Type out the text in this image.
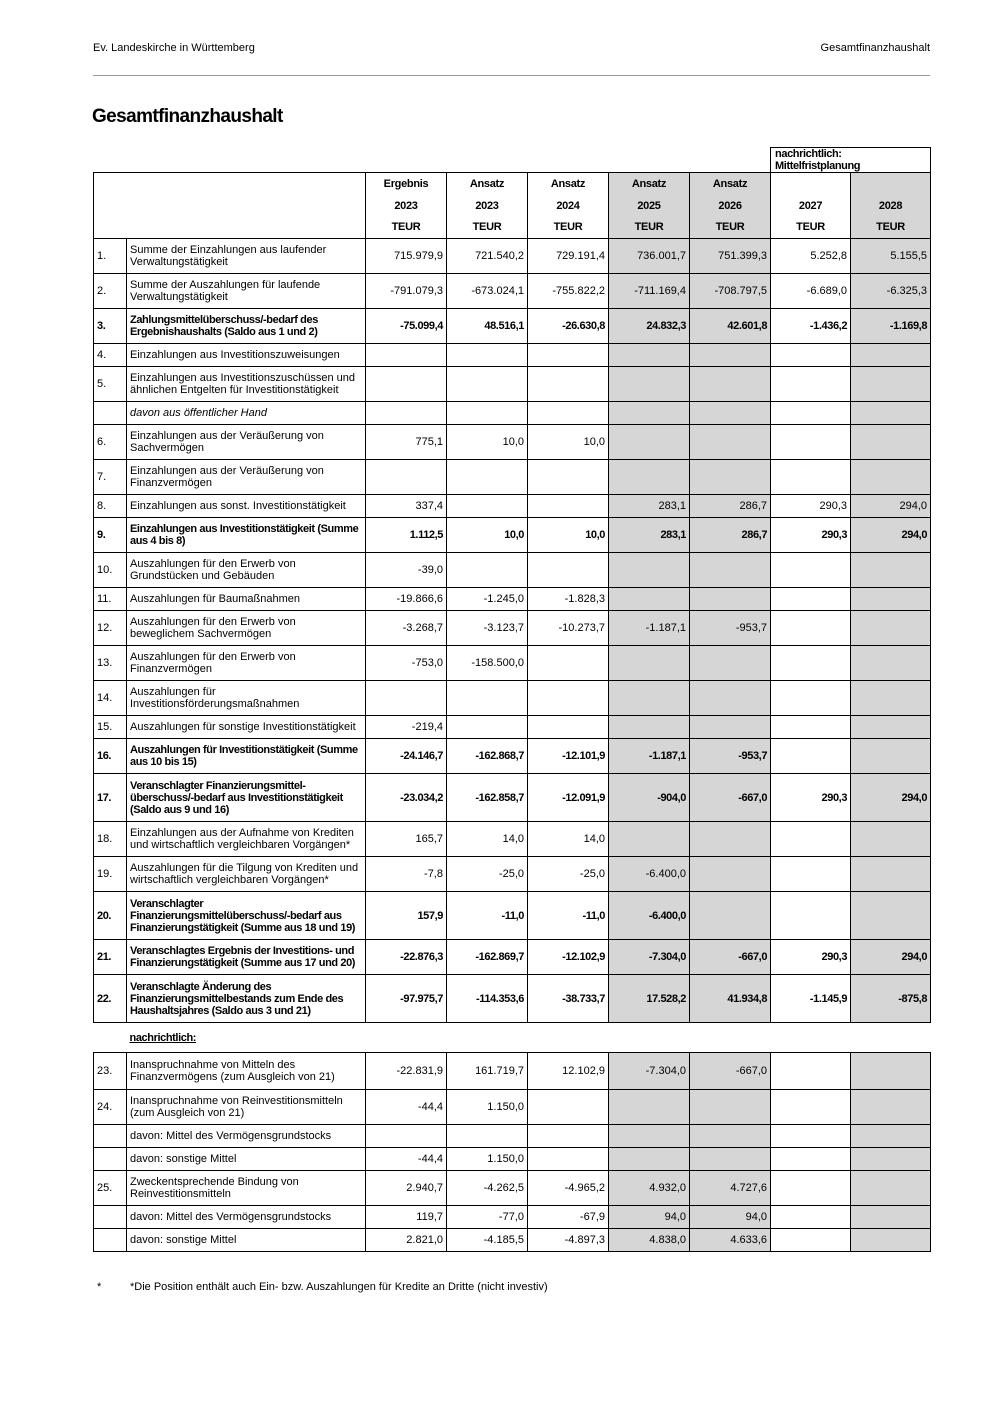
Ev. Landeskirche in Württemberg	Gesamtfinanzhaushalt
Gesamtfinanzhaushalt
							nachrichtlich: Mittelfristplanung	
		Ergebnis	Ansatz	Ansatz	Ansatz	Ansatz		
		2023	2023	2024	2025	2026	2027	2028
		TEUR	TEUR	TEUR	TEUR	TEUR	TEUR	TEUR
1.	Summe der Einzahlungen aus laufender Verwaltungstätigkeit	715.979,9	721.540,2	729.191,4	736.001,7	751.399,3	5.252,8	5.155,5
2.	Summe der Auszahlungen für laufende Verwaltungstätigkeit	-791.079,3	-673.024,1	-755.822,2	-711.169,4	-708.797,5	-6.689,0	-6.325,3
3.	Zahlungsmittelüberschuss/-bedarf des Ergebnishaushalts (Saldo aus 1 und 2)	-75.099,4	48.516,1	-26.630,8	24.832,3	42.601,8	-1.436,2	-1.169,8
4.	Einzahlungen aus Investitionszuweisungen							
5.	Einzahlungen aus Investitionszuschüssen und ähnlichen Entgelten für Investitionstätigkeit							
	davon aus öffentlicher Hand							
6.	Einzahlungen aus der Veräußerung von Sachvermögen	775,1	10,0	10,0				
7.	Einzahlungen aus der Veräußerung von Finanzvermögen							
8.	Einzahlungen aus sonst. Investitionstätigkeit	337,4			283,1	286,7	290,3	294,0
9.	Einzahlungen aus Investitionstätigkeit (Summe aus 4 bis 8)	1.112,5	10,0	10,0	283,1	286,7	290,3	294,0
10.	Auszahlungen für den Erwerb von Grundstücken und Gebäuden	-39,0						
11.	Auszahlungen für Baumaßnahmen	-19.866,6	-1.245,0	-1.828,3				
12.	Auszahlungen für den Erwerb von beweglichem Sachvermögen	-3.268,7	-3.123,7	-10.273,7	-1.187,1	-953,7		
13.	Auszahlungen für den Erwerb von Finanzvermögen	-753,0	-158.500,0					
14.	Auszahlungen für Investitionsförderungsmaßnahmen							
15.	Auszahlungen für sonstige Investitionstätigkeit	-219,4						
16.	Auszahlungen für Investitionstätigkeit (Summe aus 10 bis 15)	-24.146,7	-162.868,7	-12.101,9	-1.187,1	-953,7		
17.	Veranschlagter Finanzierungsmittel-überschuss/-bedarf aus Investitionstätigkeit (Saldo aus 9 und 16)	-23.034,2	-162.858,7	-12.091,9	-904,0	-667,0	290,3	294,0
18.	Einzahlungen aus der Aufnahme von Krediten und wirtschaftlich vergleichbaren Vorgängen*	165,7	14,0	14,0				
19.	Auszahlungen für die Tilgung von Krediten und wirtschaftlich vergleichbaren Vorgängen*	-7,8	-25,0	-25,0	-6.400,0			
20.	Veranschlagter Finanzierungsmittelüberschuss/-bedarf aus Finanzierungstätigkeit (Summe aus 18 und 19)	157,9	-11,0	-11,0	-6.400,0			
21.	Veranschlagtes Ergebnis der Investitions- und Finanzierungstätigkeit (Summe aus 17 und 20)	-22.876,3	-162.869,7	-12.102,9	-7.304,0	-667,0	290,3	294,0
22.	Veranschlagte Änderung des Finanzierungsmittelbestands zum Ende des Haushaltsjahres (Saldo aus 3 und 21)	-97.975,7	-114.353,6	-38.733,7	17.528,2	41.934,8	-1.145,9	-875,8
	nachrichtlich:							
23.	Inanspruchnahme von Mitteln des Finanzvermögens (zum Ausgleich von 21)	-22.831,9	161.719,7	12.102,9	-7.304,0	-667,0		
24.	Inanspruchnahme von Reinvestitionsmitteln (zum Ausgleich von 21)	-44,4	1.150,0					
	davon: Mittel des Vermögensgrundstocks							
	davon: sonstige Mittel	-44,4	1.150,0					
25.	Zweckentsprechende Bindung von Reinvestitionsmitteln	2.940,7	-4.262,5	-4.965,2	4.932,0	4.727,6		
	davon: Mittel des Vermögensgrundstocks	119,7	-77,0	-67,9	94,0	94,0		
	davon: sonstige Mittel	2.821,0	-4.185,5	-4.897,3	4.838,0	4.633,6		
*	*Die Position enthält auch Ein- bzw. Auszahlungen für Kredite an Dritte (nicht investiv)
